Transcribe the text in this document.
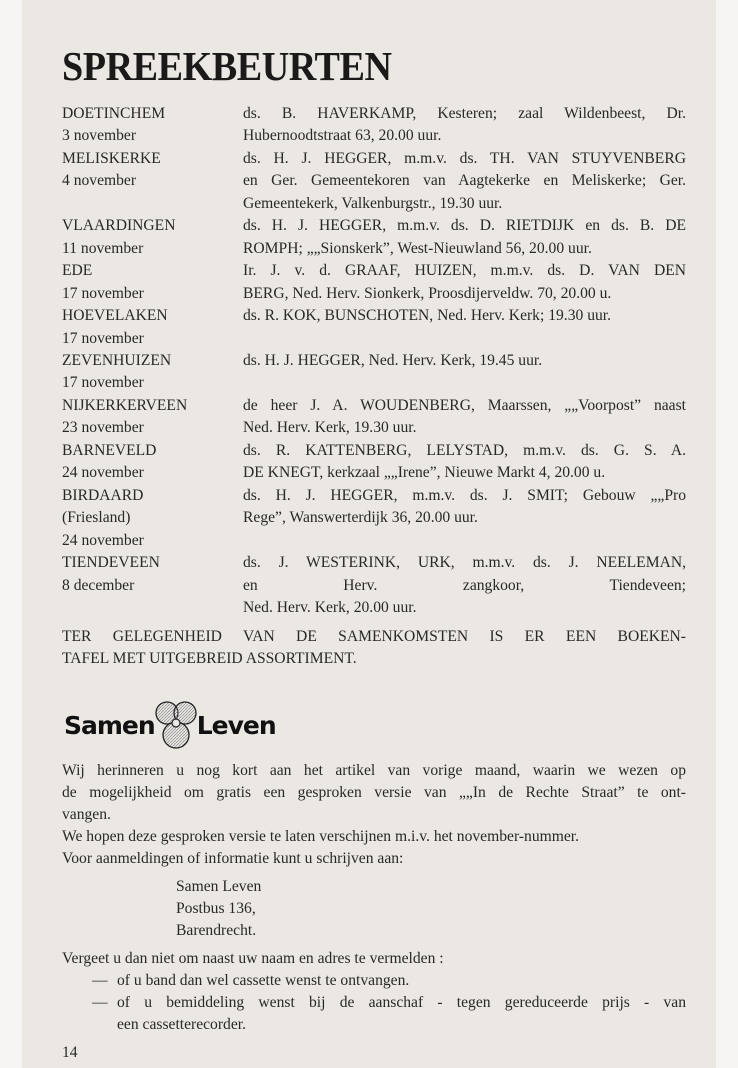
SPREEKBEURTEN
DOETINCHEM
3 november
ds. B. HAVERKAMP, Kesteren; zaal Wildenbeest, Dr.
Hubernoodtstraat 63, 20.00 uur.
MELISKERKE
4 november
ds. H. J. HEGGER, m.m.v. ds. TH. VAN STUYVENBERG
en Ger. Gemeentekoren van Aagtekerke en Meliskerke; Ger.
Gemeentekerk, Valkenburgstr., 19.30 uur.
VLAARDINGEN
11 november
ds. H. J. HEGGER, m.m.v. ds. D. RIETDIJK en ds. B. DE
ROMPH; „„Sionskerk”, West-Nieuwland 56, 20.00 uur.
EDE
17 november
Ir. J. v. d. GRAAF, HUIZEN, m.m.v. ds. D. VAN DEN
BERG, Ned. Herv. Sionkerk, Proosdijerveldw. 70, 20.00 u.
HOEVELAKEN
17 november
ds. R. KOK, BUNSCHOTEN, Ned. Herv. Kerk; 19.30 uur.
ZEVENHUIZEN
17 november
ds. H. J. HEGGER, Ned. Herv. Kerk, 19.45 uur.
NIJKERKERVEEN
23 november
de heer J. A. WOUDENBERG, Maarssen, „„Voorpost” naast
Ned. Herv. Kerk, 19.30 uur.
BARNEVELD
24 november
ds. R. KATTENBERG, LELYSTAD, m.m.v. ds. G. S. A.
DE KNEGT, kerkzaal „„Irene”, Nieuwe Markt 4, 20.00 u.
BIRDAARD
(Friesland)
24 november
ds. H. J. HEGGER, m.m.v. ds. J. SMIT; Gebouw „„Pro
Rege”, Wanswerterdijk 36, 20.00 uur.
TIENDEVEEN
8 december
ds. J. WESTERINK, URK, m.m.v. ds. J. NEELEMAN,
en Herv. zangkoor, Tiendeveen;
Ned. Herv. Kerk, 20.00 uur.
TER GELEGENHEID VAN DE SAMENKOMSTEN IS ER EEN BOEKEN-
TAFEL MET UITGEBREID ASSORTIMENT.
Samen Leven
Wij herinneren u nog kort aan het artikel van vorige maand, waarin we wezen op
de mogelijkheid om gratis een gesproken versie van „„In de Rechte Straat” te ont-
vangen.
We hopen deze gesproken versie te laten verschijnen m.i.v. het november-nummer.
Voor aanmeldingen of informatie kunt u schrijven aan:
Samen Leven
Postbus 136,
Barendrecht.
Vergeet u dan niet om naast uw naam en adres te vermelden :
— of u band dan wel cassette wenst te ontvangen.
— of u bemiddeling wenst bij de aanschaf - tegen gereduceerde prijs - van
een cassetterecorder.
14
